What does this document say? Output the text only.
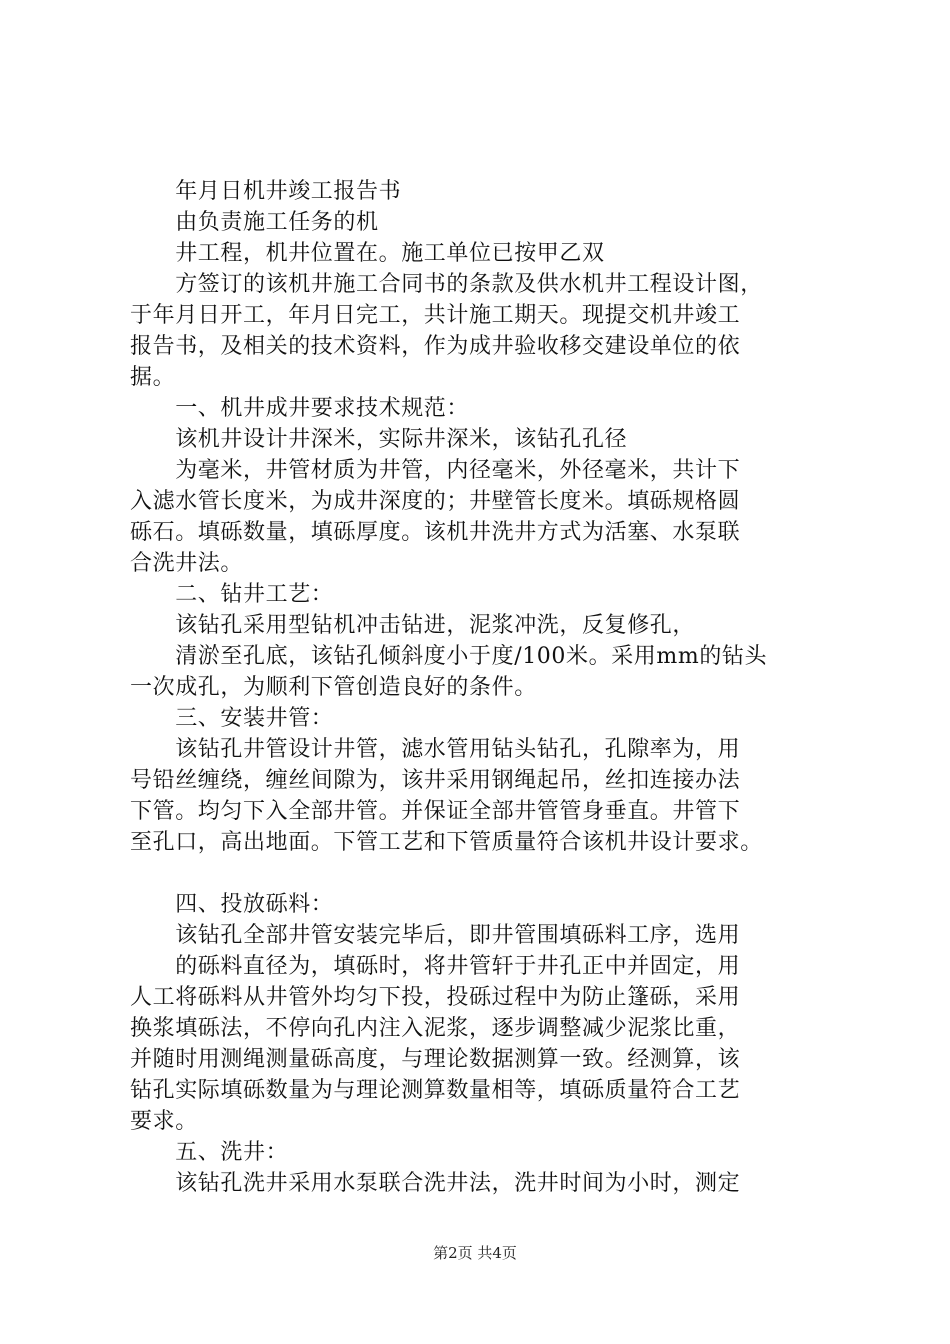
　　年月日机井竣工报告书
　　由负责施工任务的机
　　井工程，机井位置在。施工单位已按甲乙双
　　方签订的该机井施工合同书的条款及供水机井工程设计图，
于年月日开工，年月日完工，共计施工期天。现提交机井竣工
报告书，及相关的技术资料，作为成井验收移交建设单位的依
据。
　　一、机井成井要求技术规范：
　　该机井设计井深米，实际井深米，该钻孔孔径
　　为毫米，井管材质为井管，内径毫米，外径毫米，共计下
入滤水管长度米，为成井深度的；井壁管长度米。填砾规格圆
砾石。填砾数量，填砾厚度。该机井洗井方式为活塞、水泵联
合洗井法。
　　二、钻井工艺：
　　该钻孔采用型钻机冲击钻进，泥浆冲洗，反复修孔，
　　清淤至孔底，该钻孔倾斜度小于度/100米。采用mm的钻头
一次成孔，为顺利下管创造良好的条件。
　　三、安装井管：
　　该钻孔井管设计井管，滤水管用钻头钻孔，孔隙率为，用
号铅丝缠绕，缠丝间隙为，该井采用钢绳起吊，丝扣连接办法
下管。均匀下入全部井管。并保证全部井管管身垂直。井管下
至孔口，高出地面。下管工艺和下管质量符合该机井设计要求。
　　四、投放砾料：
　　该钻孔全部井管安装完毕后，即井管围填砾料工序，选用
　　的砾料直径为，填砾时，将井管轩于井孔正中并固定，用
人工将砾料从井管外均匀下投，投砾过程中为防止篷砾，采用
换浆填砾法，不停向孔内注入泥浆，逐步调整减少泥浆比重，
并随时用测绳测量砾高度，与理论数据测算一致。经测算，该
钻孔实际填砾数量为与理论测算数量相等，填砾质量符合工艺
要求。
　　五、洗井：
　　该钻孔洗井采用水泵联合洗井法，洗井时间为小时，测定
第2页 共4页
